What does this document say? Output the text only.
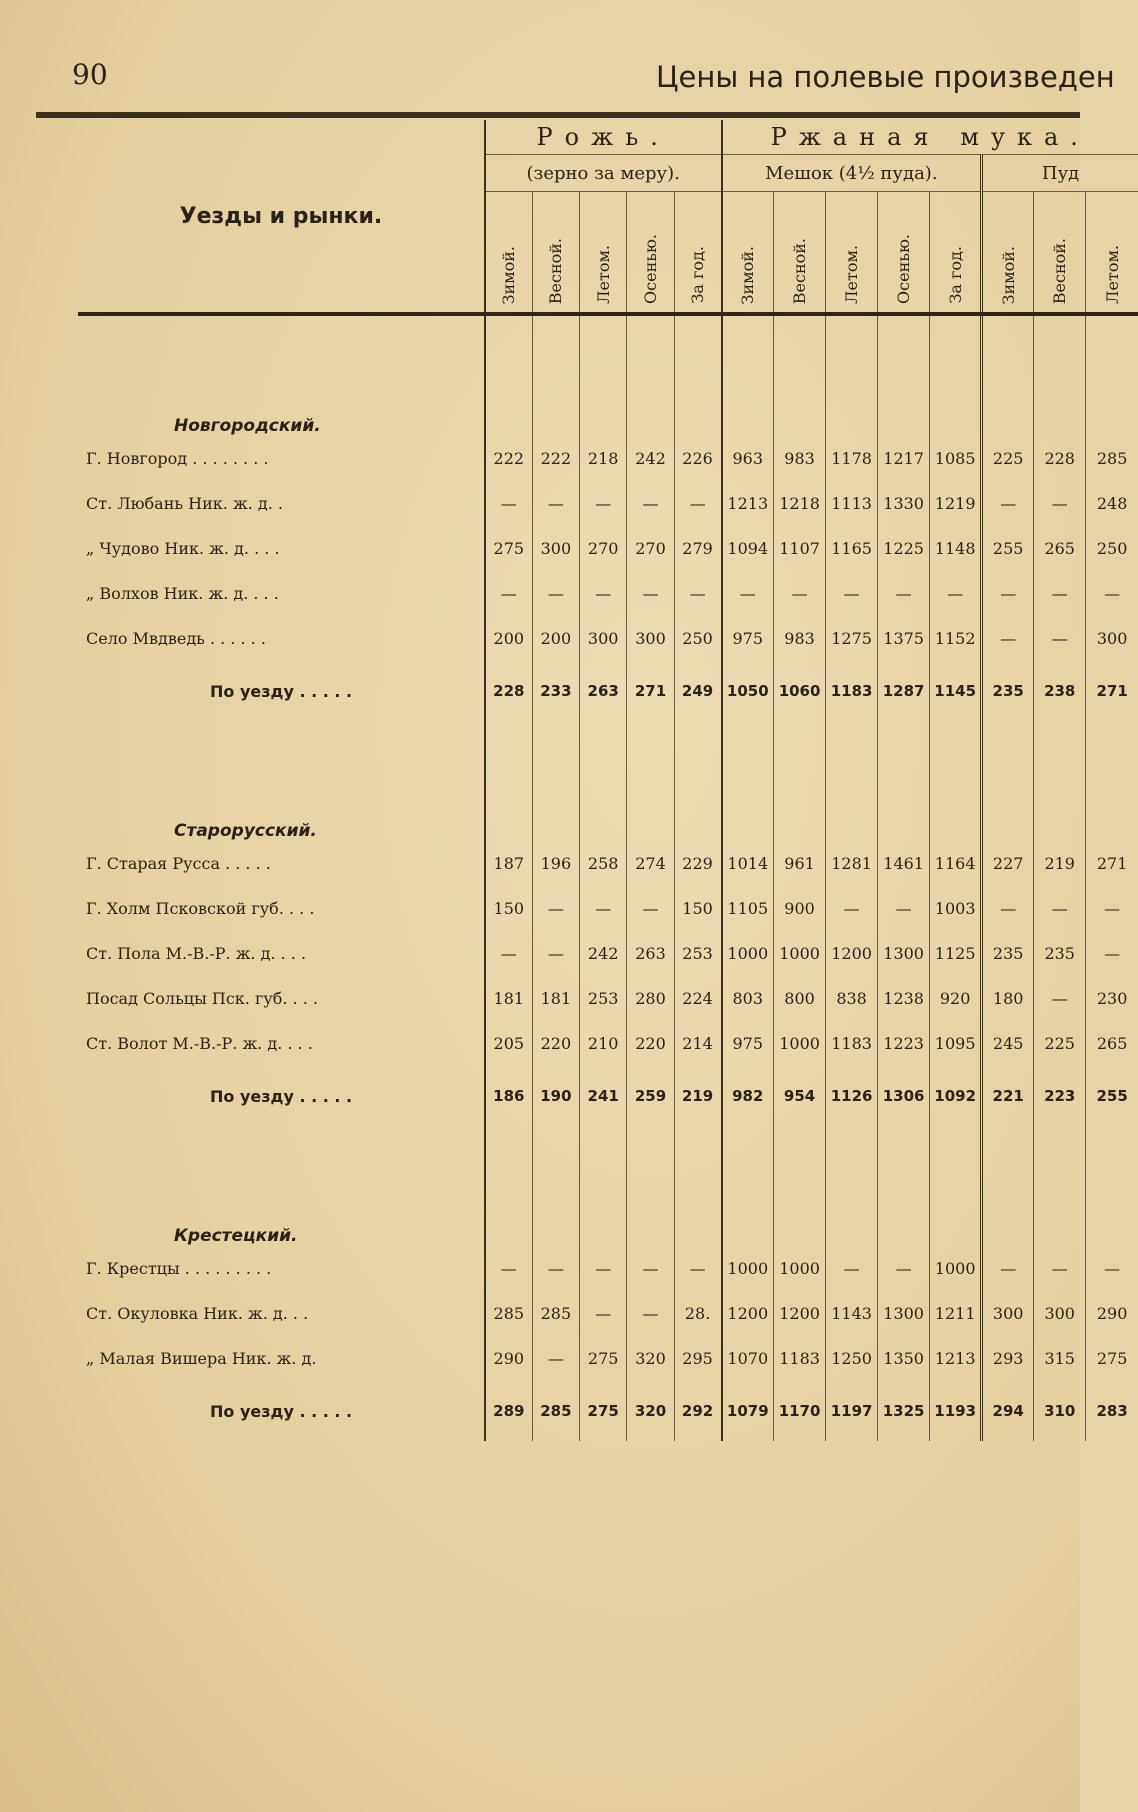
90	Цены на полевые произведен
Уезды и рынки.	Рожь.					Ржаная мука.							
	(зерно за меру).					Мешок (4½ пуда).					Пуд		

	Зимой.	Весной.	Летом.	Осенью.	За год.	Зимой.	Весной.	Летом.	Осенью.	За год.	Зимой.	Весной.	Летом.

Новгородский.													
Г. Новгород . . . . . . . .	222	222	218	242	226	963	983	1178	1217	1085	225	228	285
Ст. Любань Ник. ж. д. .	—	—	—	—	—	1213	1218	1113	1330	1219	—	—	248
„ Чудово Ник. ж. д. . . .	275	300	270	270	279	1094	1107	1165	1225	1148	255	265	250
„ Волхов Ник. ж. д. . . .	—	—	—	—	—	—	—	—	—	—	—	—	—
Село Мвдведь . . . . . .	200	200	300	300	250	975	983	1275	1375	1152	—	—	300
По уезду . . . . .	228	233	263	271	249	1050	1060	1183	1287	1145	235	238	271

Старорусский.													
Г. Старая Русса . . . . .	187	196	258	274	229	1014	961	1281	1461	1164	227	219	271
Г. Холм Псковской губ. . . .	150	—	—	—	150	1105	900	—	—	1003	—	—	—
Ст. Пола М.-В.-Р. ж. д. . . .	—	—	242	263	253	1000	1000	1200	1300	1125	235	235	—
Посад Сольцы Пск. губ. . . .	181	181	253	280	224	803	800	838	1238	920	180	—	230
Ст. Волот М.-В.-Р. ж. д. . . .	205	220	210	220	214	975	1000	1183	1223	1095	245	225	265
По уезду . . . . .	186	190	241	259	219	982	954	1126	1306	1092	221	223	255

Крестецкий.													
Г. Крестцы . . . . . . . . .	—	—	—	—	—	1000	1000	—	—	1000	—	—	—
Ст. Окуловка Ник. ж. д. . .	285	285	—	—	28.	1200	1200	1143	1300	1211	300	300	290
„ Малая Вишера Ник. ж. д.	290	—	275	320	295	1070	1183	1250	1350	1213	293	315	275
По уезду . . . . .	289	285	275	320	292	1079	1170	1197	1325	1193	294	310	283
